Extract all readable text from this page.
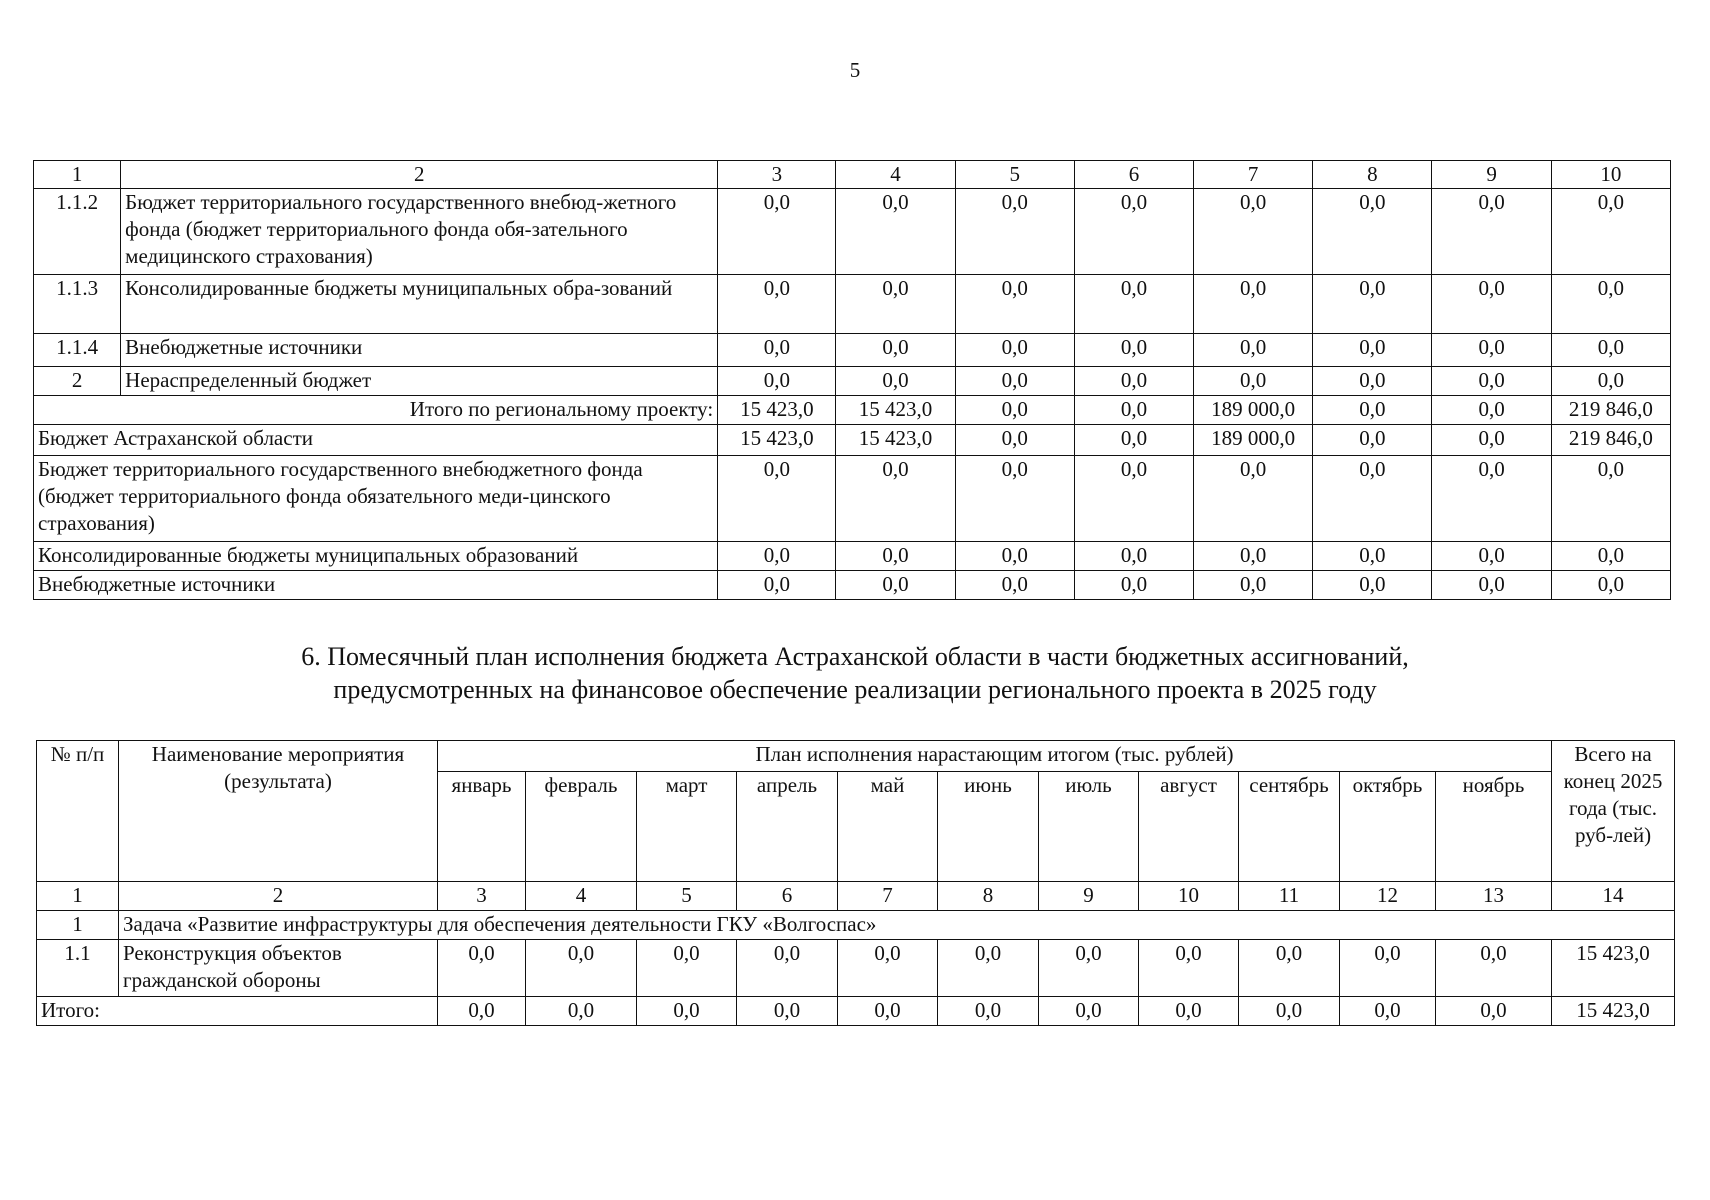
5
1	2	3	4	5	6	7	8	9	10
1.1.2	Бюджет территориального государственного внебюд-жетного фонда (бюджет территориального фонда обя-зательного медицинского страхования)	0,0	0,0	0,0	0,0	0,0	0,0	0,0	0,0
1.1.3	Консолидированные бюджеты муниципальных обра-зований	0,0	0,0	0,0	0,0	0,0	0,0	0,0	0,0
1.1.4	Внебюджетные источники	0,0	0,0	0,0	0,0	0,0	0,0	0,0	0,0
2	Нераспределенный бюджет	0,0	0,0	0,0	0,0	0,0	0,0	0,0	0,0
Итого по региональному проекту:		15 423,0	15 423,0	0,0	0,0	189 000,0	0,0	0,0	219 846,0
Бюджет Астраханской области		15 423,0	15 423,0	0,0	0,0	189 000,0	0,0	0,0	219 846,0
Бюджет территориального государственного внебюджетного фонда (бюджет территориального фонда обязательного меди-цинского страхования)		0,0	0,0	0,0	0,0	0,0	0,0	0,0	0,0
Консолидированные бюджеты муниципальных образований		0,0	0,0	0,0	0,0	0,0	0,0	0,0	0,0
Внебюджетные источники		0,0	0,0	0,0	0,0	0,0	0,0	0,0	0,0
6. Помесячный план исполнения бюджета Астраханской области в части бюджетных ассигнований,
предусмотренных на финансовое обеспечение реализации регионального проекта в 2025 году
№ п/п	Наименование мероприятия (результата)	План исполнения нарастающим итогом (тыс. рублей)											Всего на конец 2025 года (тыс. руб-лей)
		январь	февраль	март	апрель	май	июнь	июль	август	сентябрь	октябрь	ноябрь	
1	2	3	4	5	6	7	8	9	10	11	12	13	14
1	Задача «Развитие инфраструктуры для обеспечения деятельности ГКУ «Волгоспас»												
1.1	Реконструкция объектов гражданской обороны	0,0	0,0	0,0	0,0	0,0	0,0	0,0	0,0	0,0	0,0	0,0	15 423,0
Итого:		0,0	0,0	0,0	0,0	0,0	0,0	0,0	0,0	0,0	0,0	0,0	15 423,0
